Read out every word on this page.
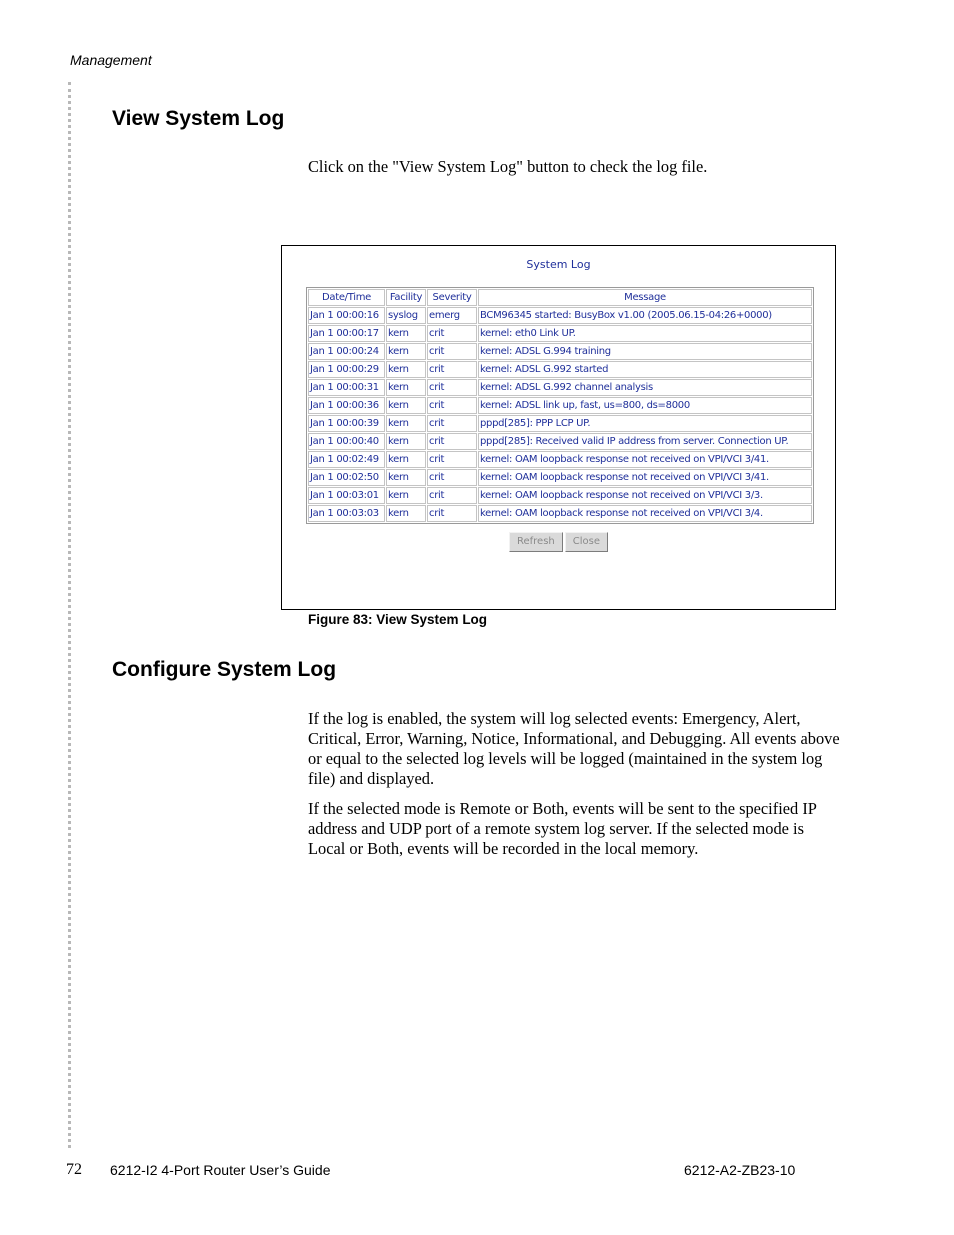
Management
View System Log

Click on the "View System Log" button to check the log file.

System Log
Date/Time	Facility	Severity	Message
Jan 1 00:00:16	syslog	emerg	BCM96345 started: BusyBox v1.00 (2005.06.15-04:26+0000)
Jan 1 00:00:17	kern	crit	kernel: eth0 Link UP.
Jan 1 00:00:24	kern	crit	kernel: ADSL G.994 training
Jan 1 00:00:29	kern	crit	kernel: ADSL G.992 started
Jan 1 00:00:31	kern	crit	kernel: ADSL G.992 channel analysis
Jan 1 00:00:36	kern	crit	kernel: ADSL link up, fast, us=800, ds=8000
Jan 1 00:00:39	kern	crit	pppd[285]: PPP LCP UP.
Jan 1 00:00:40	kern	crit	pppd[285]: Received valid IP address from server. Connection UP.
Jan 1 00:02:49	kern	crit	kernel: OAM loopback response not received on VPI/VCI 3/41.
Jan 1 00:02:50	kern	crit	kernel: OAM loopback response not received on VPI/VCI 3/41.
Jan 1 00:03:01	kern	crit	kernel: OAM loopback response not received on VPI/VCI 3/3.
Jan 1 00:03:03	kern	crit	kernel: OAM loopback response not received on VPI/VCI 3/4.
Refresh Close

Figure 83: View System Log

Configure System Log

If the log is enabled, the system will log selected events: Emergency, Alert, Critical, Error, Warning, Notice, Informational, and Debugging. All events above or equal to the selected log levels will be logged (maintained in the system log file) and displayed.

If the selected mode is Remote or Both, events will be sent to the specified IP address and UDP port of a remote system log server. If the selected mode is Local or Both, events will be recorded in the local memory.

72 6212-I2 4-Port Router User’s Guide	6212-A2-ZB23-10
